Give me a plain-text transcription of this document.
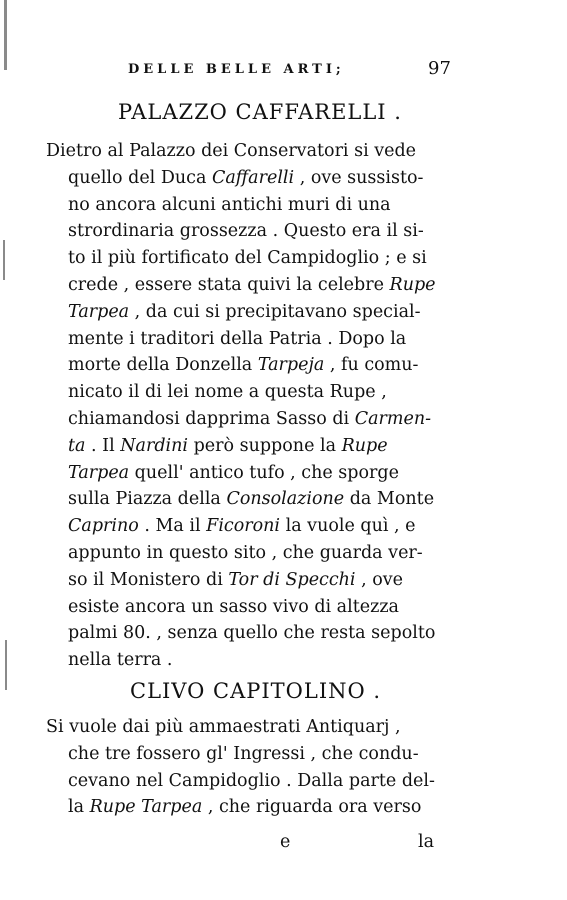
DELLE BELLE ARTI;	97
PALAZZO CAFFARELLI .
Dietro al Palazzo dei Conservatori si vede
quello del Duca Caffarelli , ove sussisto-
no ancora alcuni antichi muri di una
strordinaria grossezza . Questo era il si-
to il più fortificato del Campidoglio ; e si
crede , essere stata quivi la celebre Rupe
Tarpea , da cui si precipitavano special-
mente i traditori della Patria . Dopo la
morte della Donzella Tarpeja , fu comu-
nicato il di lei nome a questa Rupe ,
chiamandosi dapprima Sasso di Carmen-
ta . Il Nardini però suppone la Rupe
Tarpea quell' antico tufo , che sporge
sulla Piazza della Consolazione da Monte
Caprino . Ma il Ficoroni la vuole quì , e
appunto in questo sito , che guarda ver-
so il Monistero di Tor di Specchi , ove
esiste ancora un sasso vivo di altezza
palmi 80. , senza quello che resta sepolto
nella terra .
CLIVO CAPITOLINO .
Si vuole dai più ammaestrati Antiquarj ,
che tre fossero gl' Ingressi , che condu-
cevano nel Campidoglio . Dalla parte del-
la Rupe Tarpea , che riguarda ora verso
e	la
